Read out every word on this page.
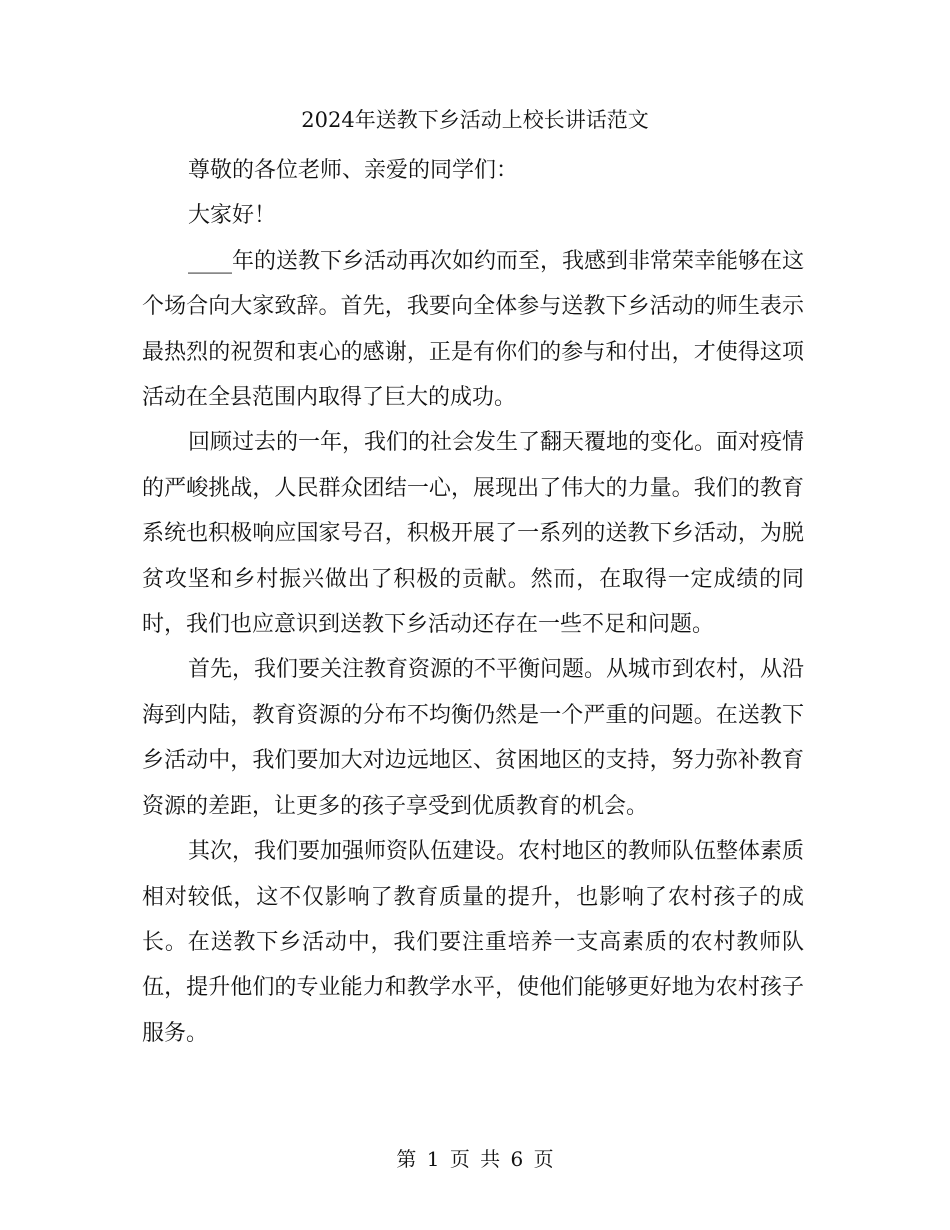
2024年送教下乡活动上校长讲话范文

尊敬的各位老师、亲爱的同学们：

大家好！

____年的送教下乡活动再次如约而至，我感到非常荣幸能够在这个场合向大家致辞。首先，我要向全体参与送教下乡活动的师生表示最热烈的祝贺和衷心的感谢，正是有你们的参与和付出，才使得这项活动在全县范围内取得了巨大的成功。

回顾过去的一年，我们的社会发生了翻天覆地的变化。面对疫情的严峻挑战，人民群众团结一心，展现出了伟大的力量。我们的教育系统也积极响应国家号召，积极开展了一系列的送教下乡活动，为脱贫攻坚和乡村振兴做出了积极的贡献。然而，在取得一定成绩的同时，我们也应意识到送教下乡活动还存在一些不足和问题。

首先，我们要关注教育资源的不平衡问题。从城市到农村，从沿海到内陆，教育资源的分布不均衡仍然是一个严重的问题。在送教下乡活动中，我们要加大对边远地区、贫困地区的支持，努力弥补教育资源的差距，让更多的孩子享受到优质教育的机会。

其次，我们要加强师资队伍建设。农村地区的教师队伍整体素质相对较低，这不仅影响了教育质量的提升，也影响了农村孩子的成长。在送教下乡活动中，我们要注重培养一支高素质的农村教师队伍，提升他们的专业能力和教学水平，使他们能够更好地为农村孩子服务。

第 1 页 共 6 页
